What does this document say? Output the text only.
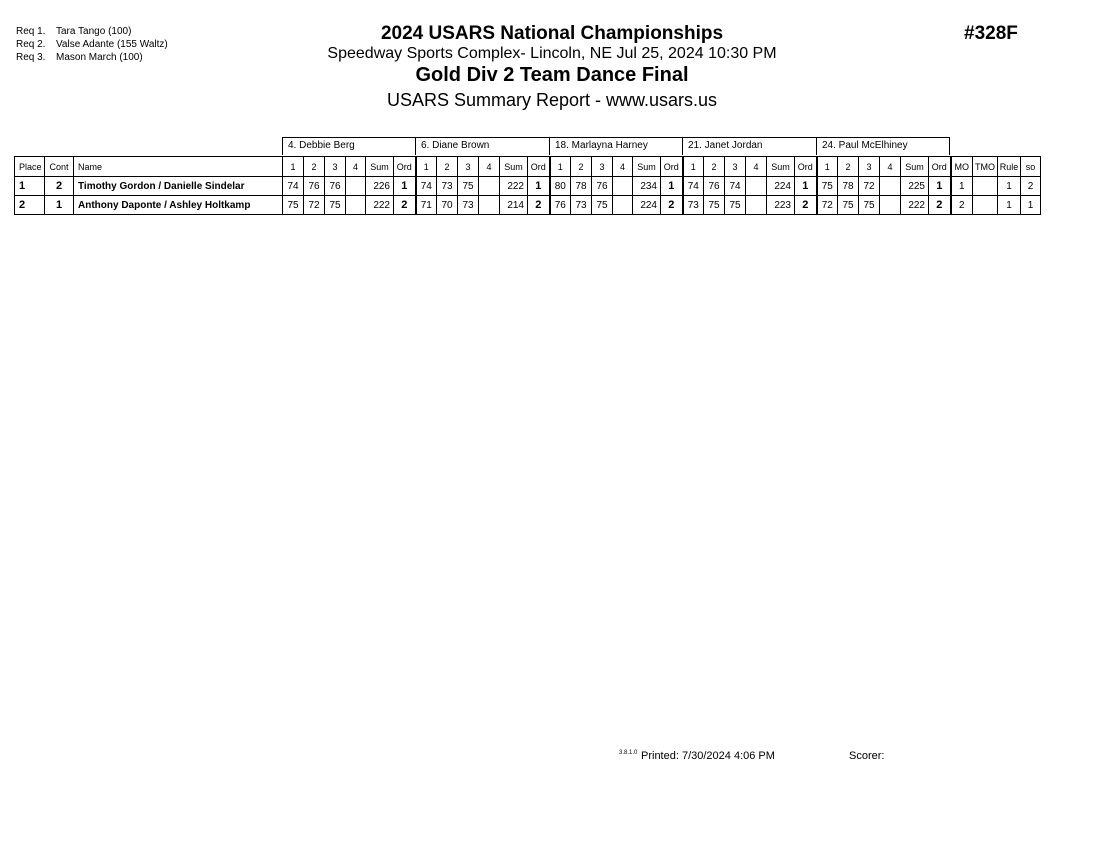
Req 1. Tara Tango (100)
Req 2. Valse Adante (155 Waltz)
Req 3. Mason March (100)
#328F
2024 USARS National Championships
Speedway Sports Complex- Lincoln, NE Jul 25, 2024 10:30 PM
Gold Div 2 Team Dance Final
USARS Summary Report - www.usars.us
4. Debbie Berg	6. Diane Brown	18. Marlayna Harney	21. Janet Jordan	24. Paul McElhiney
Place	Cont	Name	1	2	3	4	Sum	Ord	1	2	3	4	Sum	Ord	1	2	3	4	Sum	Ord	1	2	3	4	Sum	Ord	1	2	3	4	Sum	Ord	MO	TMO	Rule	so
1	2	Timothy Gordon / Danielle Sindelar	74	76	76		226	1	74	73	75		222	1	80	78	76		234	1	74	76	74		224	1	75	78	72		225	1	1		1	2
2	1	Anthony Daponte / Ashley Holtkamp	75	72	75		222	2	71	70	73		214	2	76	73	75		224	2	73	75	75		223	2	72	75	75		222	2	2		1	1
3.8.1.0 Printed: 7/30/2024 4:06 PM	Scorer:
